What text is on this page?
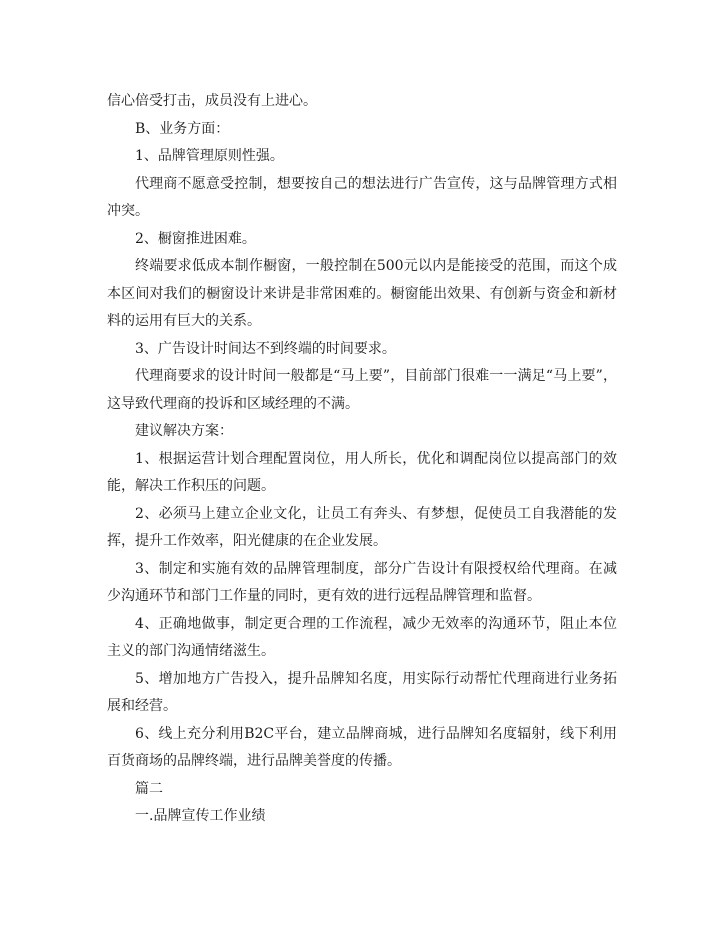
信心倍受打击，成员没有上进心。

B、业务方面：

1、品牌管理原则性强。

代理商不愿意受控制，想要按自己的想法进行广告宣传，这与品牌管理方式相冲突。

2、橱窗推进困难。

终端要求低成本制作橱窗，一般控制在500元以内是能接受的范围，而这个成本区间对我们的橱窗设计来讲是非常困难的。橱窗能出效果、有创新与资金和新材料的运用有巨大的关系。

3、广告设计时间达不到终端的时间要求。

代理商要求的设计时间一般都是“马上要”，目前部门很难一一满足“马上要”，这导致代理商的投诉和区域经理的不满。

建议解决方案：

1、根据运营计划合理配置岗位，用人所长，优化和调配岗位以提高部门的效能，解决工作积压的问题。

2、必须马上建立企业文化，让员工有奔头、有梦想，促使员工自我潜能的发挥，提升工作效率，阳光健康的在企业发展。

3、制定和实施有效的品牌管理制度，部分广告设计有限授权给代理商。在减少沟通环节和部门工作量的同时，更有效的进行远程品牌管理和监督。

4、正确地做事，制定更合理的工作流程，减少无效率的沟通环节，阻止本位主义的部门沟通情绪滋生。

5、增加地方广告投入，提升品牌知名度，用实际行动帮忙代理商进行业务拓展和经营。

6、线上充分利用B2C平台，建立品牌商城，进行品牌知名度辐射，线下利用百货商场的品牌终端，进行品牌美誉度的传播。

篇二

一.品牌宣传工作业绩
